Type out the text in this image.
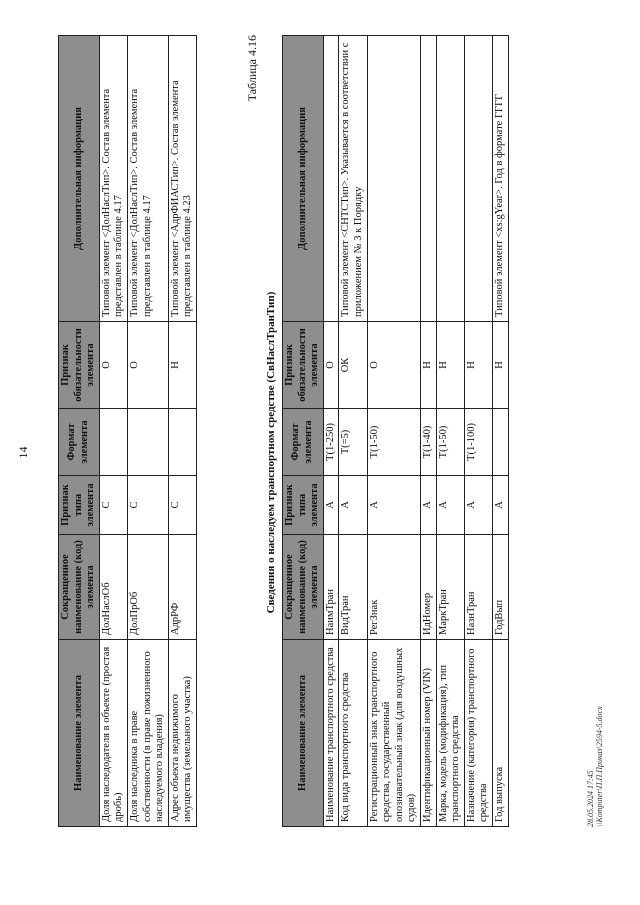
14
Наименование элемента	Сокращенное наименование (код) элемента	Признак типа элемента	Формат элемента	Признак обязательности элемента	Дополнительная информация
Доля наследодателя в объекте (простая дробь)	ДолНаслОб	С		О	Типовой элемент <ДолНаслТип>. Состав элемента представлен в таблице 4.17
Доля наследника в праве собственности (в праве пожизненного наследуемого владения)	ДолПрОб	С		О	Типовой элемент <ДолНаслТип>. Состав элемента представлен в таблице 4.17
Адрес объекта недвижимого имущества (земельного участка)	АдрРФ	С		Н	Типовой элемент <АдрФИАСТип>. Состав элемента представлен в таблице 4.23
Таблица 4.16
Сведения о наследуем транспортном средстве (СвНаслТранТип)
Наименование элемента	Сокращенное наименование (код) элемента	Признак типа элемента	Формат элемента	Признак обязательности элемента	Дополнительная информация
Наименование транспортного средства	НаимТран	А	Т(1-250)	О	
Код вида транспортного средства	ВидТран	А	Т(=5)	ОК	Типовой элемент <СНТСТип>. Указывается в соответствии с приложением № 3 к Порядку
Регистрационный знак транспортного средства, государственный опознавательный знак (для воздушных судов)	РегЗнак	А	Т(1-50)	О	
Идентификационный номер (VIN)	ИдНомер	А	Т(1-40)	Н	
Марка, модель (модификация), тип транспортного средства	МаркТран	А	Т(1-50)	Н	
Назначение (категория) транспортного средства	НазнТран	А	Т(1-100)	Н	
Год выпуска	ГодВып	А		Н	Типовой элемент <xs:gYear>. Год в формате ГГГГ
28.05.2024 17:45 \\Komputer\П.П.Приказ\2594-5.docx
